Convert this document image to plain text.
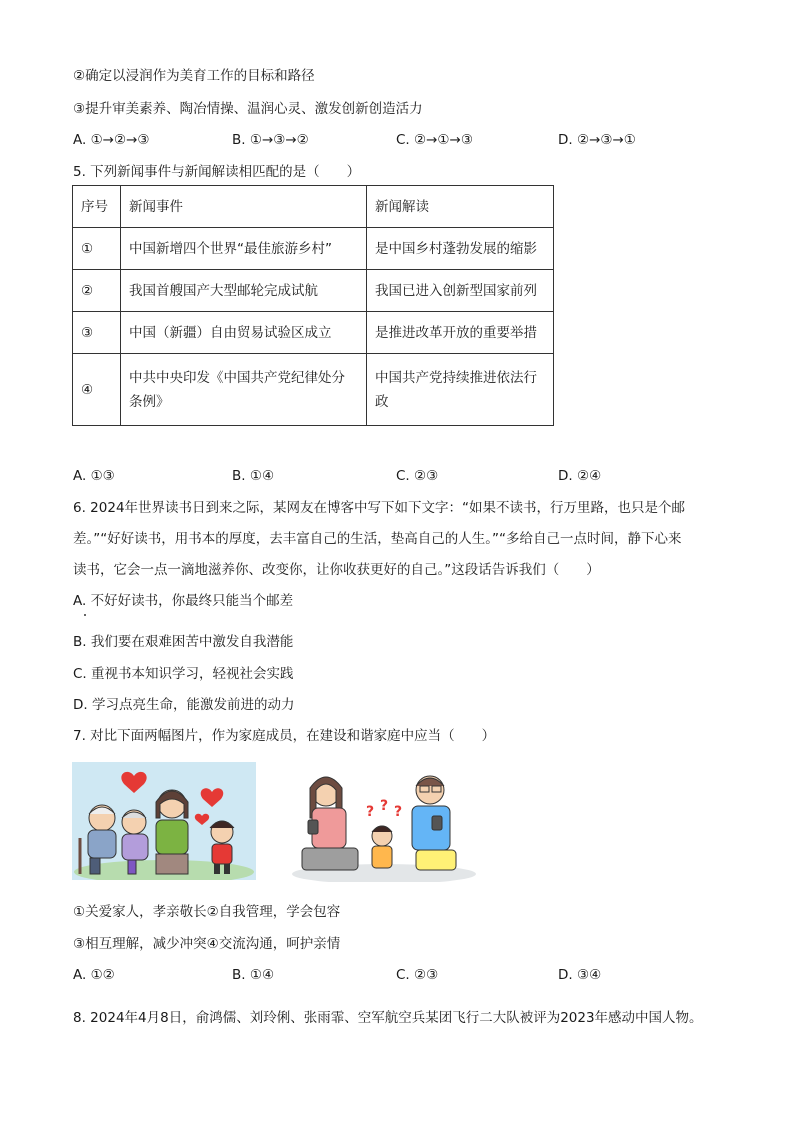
②确定以浸润作为美育工作的目标和路径
③提升审美素养、陶冶情操、温润心灵、激发创新创造活力
A. ①→②→③	B. ①→③→②	C. ②→①→③	D. ②→③→①
5. 下列新闻事件与新闻解读相匹配的是（　　）
序号	新闻事件	新闻解读
①	中国新增四个世界“最佳旅游乡村”	是中国乡村蓬勃发展的缩影
②	我国首艘国产大型邮轮完成试航	我国已进入创新型国家前列
③	中国（新疆）自由贸易试验区成立	是推进改革开放的重要举措
④	中共中央印发《中国共产党纪律处分条例》	中国共产党持续推进依法行政
A. ①③	B. ①④	C. ②③	D. ②④
6. 2024年世界读书日到来之际，某网友在博客中写下如下文字：“如果不读书，行万里路，也只是个邮
差。”“好好读书，用书本的厚度，去丰富自己的生活，垫高自己的人生。”“多给自己一点时间，静下心来
读书，它会一点一滴地滋养你、改变你，让你收获更好的自己。”这段话告诉我们（　　）
A. 不好好读书，你最终只能当个邮差
B. 我们要在艰难困苦中激发自我潜能
C. 重视书本知识学习，轻视社会实践
D. 学习点亮生命，能激发前进的动力
7. 对比下面两幅图片，作为家庭成员，在建设和谐家庭中应当（　　）
? ? ?
①关爱家人，孝亲敬长②自我管理，学会包容
③相互理解，减少冲突④交流沟通，呵护亲情
A. ①②	B. ①④	C. ②③	D. ③④
8. 2024年4月8日，俞鸿儒、刘玲俐、张雨霏、空军航空兵某团飞行二大队被评为2023年感动中国人物。
